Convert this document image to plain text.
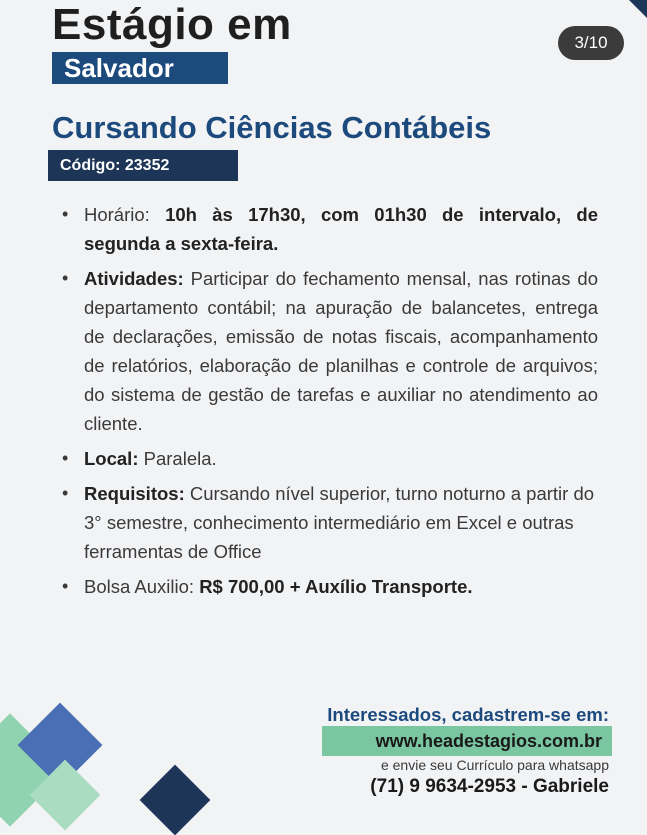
Estágio em
Salvador
3/10
Cursando Ciências Contábeis
Código: 23352
• Horário: 10h às 17h30, com 01h30 de intervalo, de segunda a sexta-feira.
• Atividades: Participar do fechamento mensal, nas rotinas do departamento contábil; na apuração de balancetes, entrega de declarações, emissão de notas fiscais, acompanhamento de relatórios, elaboração de planilhas e controle de arquivos; do sistema de gestão de tarefas e auxiliar no atendimento ao cliente.
• Local: Paralela.
• Requisitos: Cursando nível superior, turno noturno a partir do 3° semestre, conhecimento intermediário em Excel e outras ferramentas de Office
• Bolsa Auxilio: R$ 700,00 + Auxílio Transporte.
Interessados, cadastrem-se em:
www.headestagios.com.br
e envie seu Currículo para whatsapp
(71) 9 9634-2953 - Gabriele
